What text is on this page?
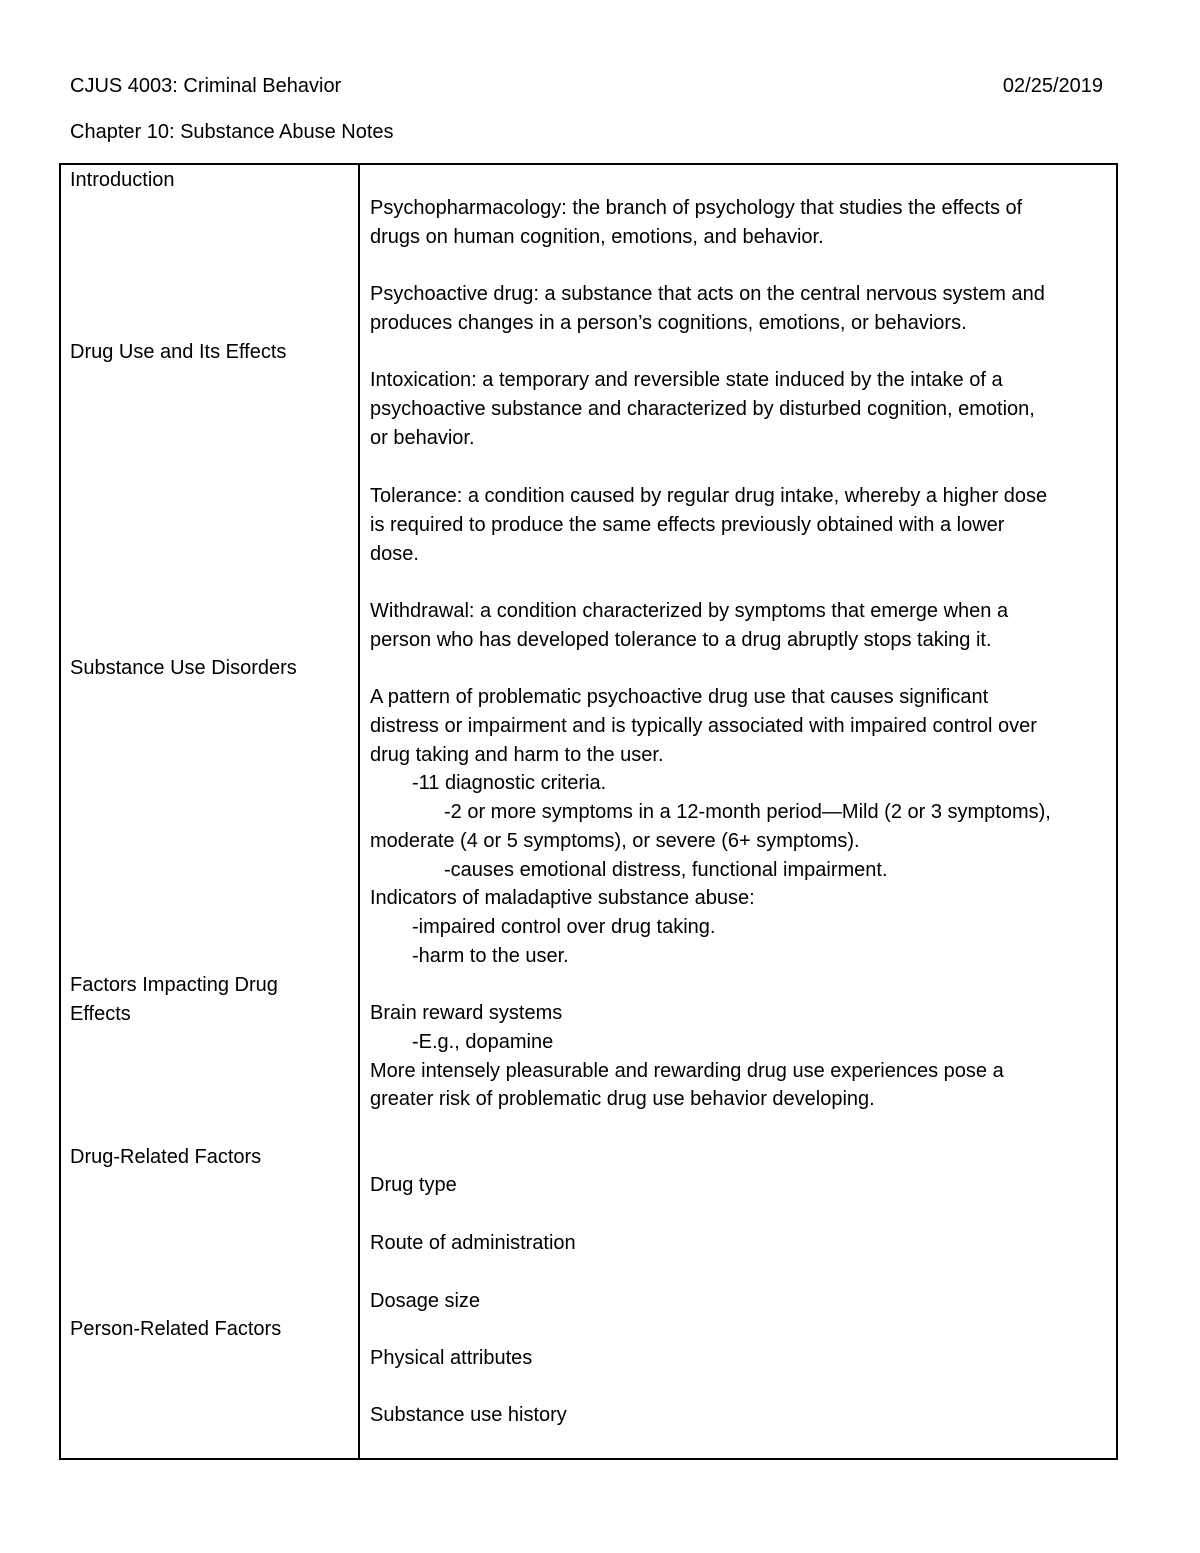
CJUS 4003: Criminal Behavior	02/25/2019
Chapter 10: Substance Abuse Notes
Introduction
Drug Use and Its Effects
Substance Use Disorders
Factors Impacting Drug
Effects
Drug-Related Factors
Person-Related Factors
Psychopharmacology: the branch of psychology that studies the effects of
drugs on human cognition, emotions, and behavior.
Psychoactive drug: a substance that acts on the central nervous system and
produces changes in a person’s cognitions, emotions, or behaviors.
Intoxication: a temporary and reversible state induced by the intake of a
psychoactive substance and characterized by disturbed cognition, emotion,
or behavior.
Tolerance: a condition caused by regular drug intake, whereby a higher dose
is required to produce the same effects previously obtained with a lower
dose.
Withdrawal: a condition characterized by symptoms that emerge when a
person who has developed tolerance to a drug abruptly stops taking it.
A pattern of problematic psychoactive drug use that causes significant
distress or impairment and is typically associated with impaired control over
drug taking and harm to the user.
-11 diagnostic criteria.
-2 or more symptoms in a 12-month period—Mild (2 or 3 symptoms),
moderate (4 or 5 symptoms), or severe (6+ symptoms).
-causes emotional distress, functional impairment.
Indicators of maladaptive substance abuse:
-impaired control over drug taking.
-harm to the user.
Brain reward systems
-E.g., dopamine
More intensely pleasurable and rewarding drug use experiences pose a
greater risk of problematic drug use behavior developing.
Drug type
Route of administration
Dosage size
Physical attributes
Substance use history
